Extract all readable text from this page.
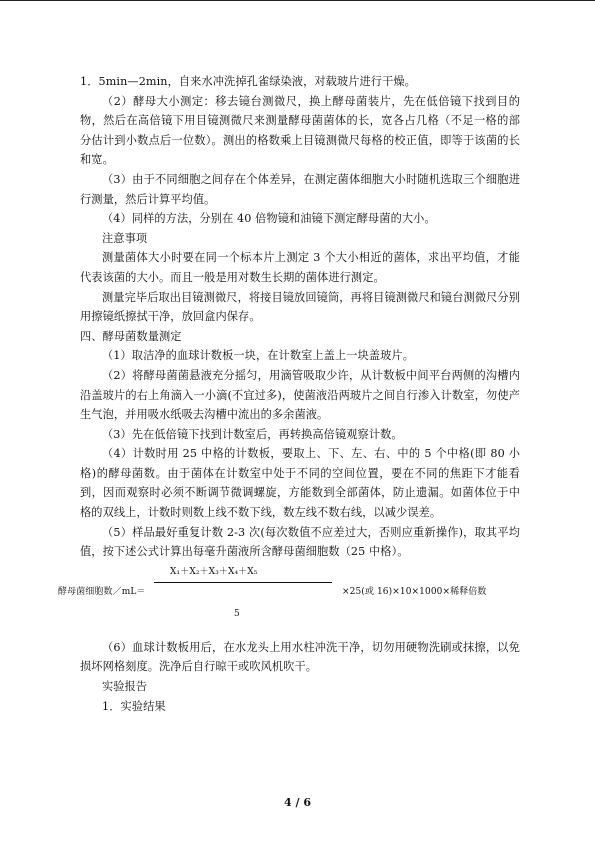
1．5min—2min，自来水冲洗掉孔雀绿染液，对载玻片进行干燥。

（2）酵母大小测定：移去镜台测微尺，换上酵母菌装片，先在低倍镜下找到目的物，然后在高倍镜下用目镜测微尺来测量酵母菌菌体的长，宽各占几格（不足一格的部分估计到小数点后一位数）。测出的格数乘上目镜测微尺每格的校正值，即等于该菌的长和宽。

（3）由于不同细胞之间存在个体差异，在测定菌体细胞大小时随机选取三个细胞进行测量，然后计算平均值。

（4）同样的方法，分别在 40 倍物镜和油镜下测定酵母菌的大小。

注意事项

测量菌体大小时要在同一个标本片上测定 3 个大小相近的菌体，求出平均值，才能代表该菌的大小。而且一般是用对数生长期的菌体进行测定。

测量完毕后取出目镜测微尺，将接目镜放回镜筒，再将目镜测微尺和镜台测微尺分别用擦镜纸擦拭干净，放回盒内保存。

四、酵母菌数量测定

（1）取洁净的血球计数板一块，在计数室上盖上一块盖玻片。

（2）将酵母菌菌悬液充分摇匀，用滴管吸取少许，从计数板中间平台两侧的沟槽内沿盖玻片的右上角滴入一小滴(不宜过多)，使菌液沿两玻片之间自行渗入计数室，勿使产生气泡，并用吸水纸吸去沟槽中流出的多余菌液。

（3）先在低倍镜下找到计数室后，再转换高倍镜观察计数。

（4）计数时用 25 中格的计数板，要取上、下、左、右、中的 5 个中格(即 80 小格)的酵母菌数。由于菌体在计数室中处于不同的空间位置，要在不同的焦距下才能看到，因而观察时必须不断调节微调螺旋，方能数到全部菌体，防止遗漏。如菌体位于中格的双线上，计数时则数上线不数下线，数左线不数右线，以减少误差。

（5）样品最好重复计数 2-3 次(每次数值不应差过大，否则应重新操作)，取其平均值，按下述公式计算出每毫升菌液所含酵母菌细胞数（25 中格）。

酵母菌细胞数／mL＝
X₁＋X₂＋X₃＋X₄＋X₅
5
×25(或 16)×10×1000×稀释倍数

（6）血球计数板用后，在水龙头上用水柱冲洗干净，切勿用硬物洗刷或抹擦，以免损坏网格刻度。洗净后自行晾干或吹风机吹干。

实验报告

1．实验结果

4 / 6
